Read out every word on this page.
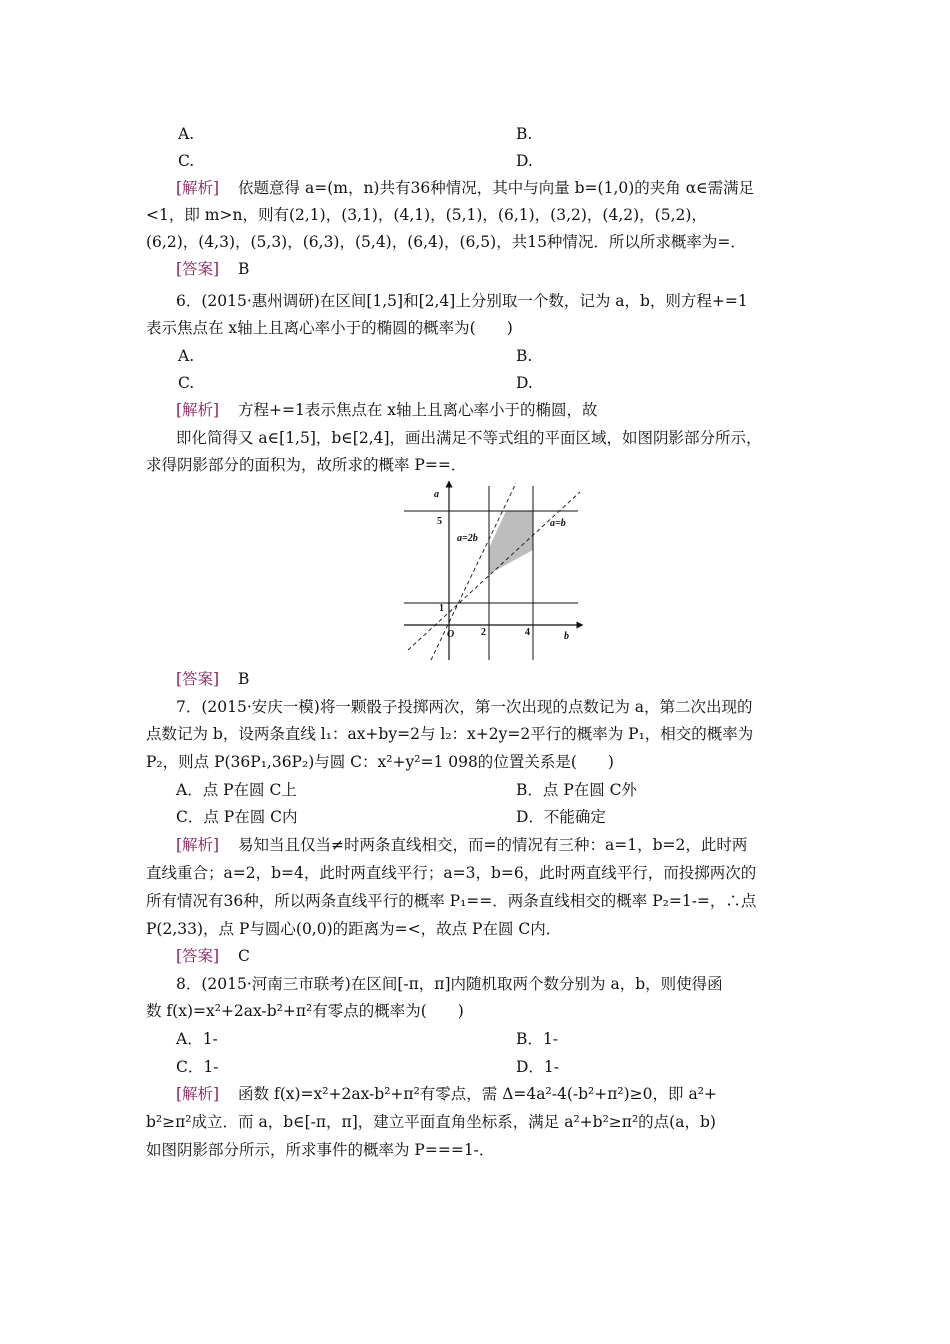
A.	B.
C.	D.
[解析] 依题意得 a=(m，n)共有36种情况，其中与向量 b=(1,0)的夹角 α∈需满足
<1，即 m>n，则有(2,1)，(3,1)，(4,1)，(5,1)，(6,1)，(3,2)，(4,2)，(5,2)，
(6,2)，(4,3)，(5,3)，(6,3)，(5,4)，(6,4)，(6,5)，共15种情况．所以所求概率为=．
[答案] B
6．(2015·惠州调研)在区间[1,5]和[2,4]上分别取一个数，记为 a，b，则方程+=1
表示焦点在 x轴上且离心率小于的椭圆的概率为(　　)
A.	B.
C.	D.
[解析] 方程+=1表示焦点在 x轴上且离心率小于的椭圆，故
即化简得又 a∈[1,5]，b∈[2,4]，画出满足不等式组的平面区域，如图阴影部分所示，
求得阴影部分的面积为，故所求的概率 P==．
a
b
O
5
1
2	4
a=2b
a=b
[答案] B
7．(2015·安庆一模)将一颗骰子投掷两次，第一次出现的点数记为 a，第二次出现的
点数记为 b，设两条直线 l₁：ax+by=2与 l₂：x+2y=2平行的概率为 P₁，相交的概率为
P₂，则点 P(36P₁,36P₂)与圆 C：x²+y²=1 098的位置关系是(　　)
A．点 P在圆 C上	B．点 P在圆 C外
C．点 P在圆 C内	D．不能确定
[解析] 易知当且仅当≠时两条直线相交，而=的情况有三种：a=1，b=2，此时两
直线重合；a=2，b=4，此时两直线平行；a=3，b=6，此时两直线平行，而投掷两次的
所有情况有36种，所以两条直线平行的概率 P₁==．两条直线相交的概率 P₂=1-=，∴点
P(2,33)，点 P与圆心(0,0)的距离为=<，故点 P在圆 C内．
[答案] C
8．(2015·河南三市联考)在区间[-π，π]内随机取两个数分别为 a，b，则使得函
数 f(x)=x²+2ax-b²+π²有零点的概率为(　　)
A．1-	B．1-
C．1-	D．1-
[解析] 函数 f(x)=x²+2ax-b²+π²有零点，需 Δ=4a²-4(-b²+π²)≥0，即 a²+
b²≥π²成立．而 a，b∈[-π，π]，建立平面直角坐标系，满足 a²+b²≥π²的点(a，b)
如图阴影部分所示，所求事件的概率为 P===1-．
